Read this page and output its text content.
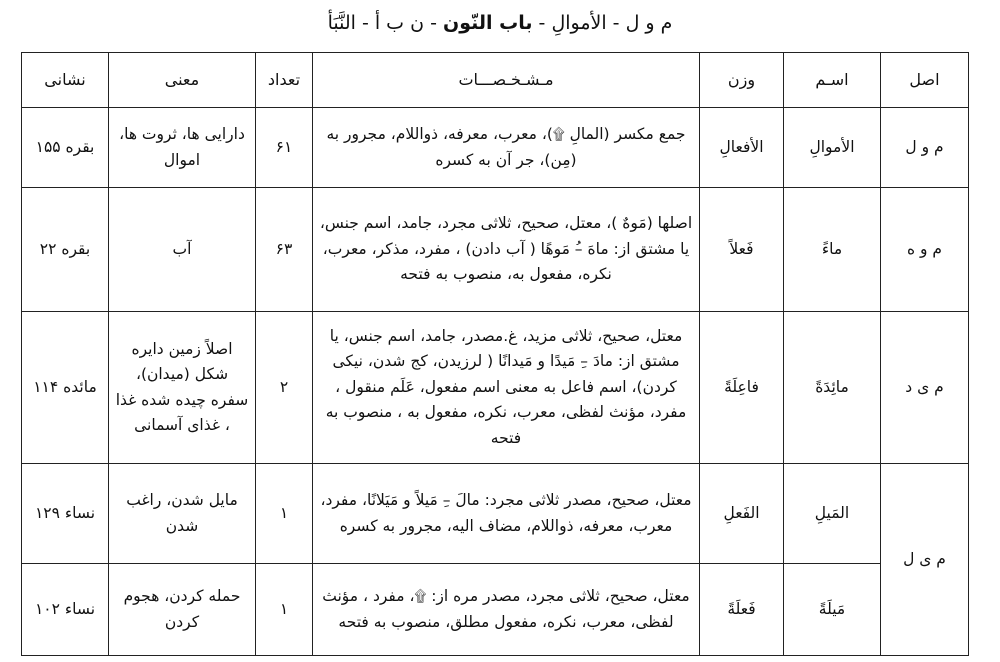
م و ل - الأموالِ - باب النّون - ن ب أ - النَّبَأ
اصل	اسـم	وزن	مـشـخـصـــات	تعداد	معنی	نشانی
م و ل	الأموالِ	الأفعالِ	جمع مکسر (المالِ ۩)، معرب، معرفه، ذواللام، مجرور به (مِن)، جر آن به کسره	۶۱	دارایی ها، ثروت ها، اموال	بقره ۱۵۵
م و ه	ماءً	فَعلاً	اصلها (مَوهٌ )، معتل، صحیح، ثلاثی مجرد، جامد، اسم جنس، یا مشتق از: ماهَ –ُ مَوهًا ( آب دادن) ، مفرد، مذکر، معرب، نکره، مفعول به، منصوب به فتحه	۶۳	آب	بقره ۲۲
م ی د	مائِدَةً	فاعِلَةً	معتل، صحیح، ثلاثی مزید، غ.مصدر، جامد، اسم جنس، یا مشتق از: مادَ –ِ مَیدًا و مَیدانًا ( لرزیدن، کج شدن، نیکی کردن)، اسم فاعل به معنی اسم مفعول، عَلَم منقول ، مفرد، مؤنث لفظی، معرب، نکره، مفعول به ، منصوب به فتحه	۲	اصلاً زمین دایره شکل (میدان)، سفره چیده شده غذا ، غذای آسمانی	مائده ۱۱۴
م ی ل	المَیلِ	الفَعلِ	معتل، صحیح، مصدر ثلاثی مجرد: مالَ –ِ مَیلاً و مَیَلانًا، مفرد، معرب، معرفه، ذواللام، مضاف الیه، مجرور به کسره	۱	مایل شدن، راغب شدن	نساء ۱۲۹
	مَیلَةً	فَعلَةً	معتل، صحیح، ثلاثی مجرد، مصدر مره از: ۩، مفرد ، مؤنث لفظی، معرب، نکره، مفعول مطلق، منصوب به فتحه	۱	حمله کردن، هجوم کردن	نساء ۱۰۲
